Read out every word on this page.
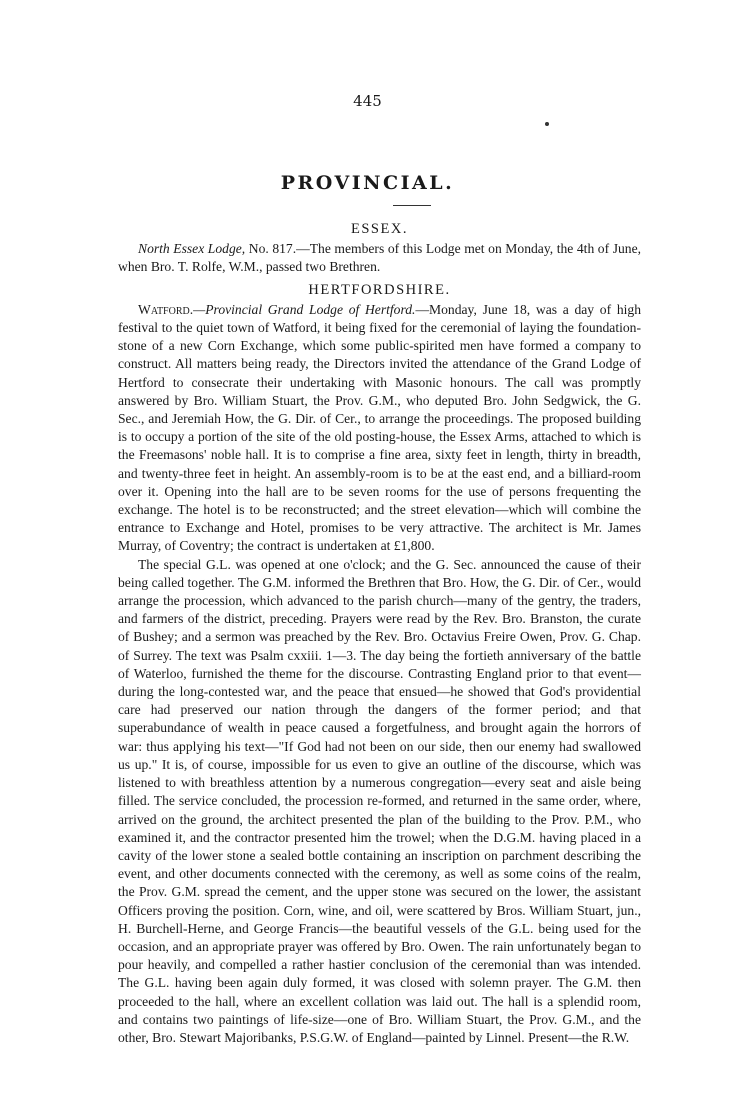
445
PROVINCIAL.
ESSEX.

North Essex Lodge, No. 817.—The members of this Lodge met on Monday, the 4th of June, when Bro. T. Rolfe, W.M., passed two Brethren.

HERTFORDSHIRE.

Watford.—Provincial Grand Lodge of Hertford.—Monday, June 18, was a day of high festival to the quiet town of Watford, it being fixed for the ceremonial of laying the foundation-stone of a new Corn Exchange, which some public-spirited men have formed a company to construct. All matters being ready, the Directors invited the attendance of the Grand Lodge of Hertford to consecrate their undertaking with Masonic honours. The call was promptly answered by Bro. William Stuart, the Prov. G.M., who deputed Bro. John Sedgwick, the G. Sec., and Jeremiah How, the G. Dir. of Cer., to arrange the proceedings. The proposed building is to occupy a portion of the site of the old posting-house, the Essex Arms, attached to which is the Freemasons' noble hall. It is to comprise a fine area, sixty feet in length, thirty in breadth, and twenty-three feet in height. An assembly-room is to be at the east end, and a billiard-room over it. Opening into the hall are to be seven rooms for the use of persons frequenting the exchange. The hotel is to be reconstructed; and the street elevation—which will combine the entrance to Exchange and Hotel, promises to be very attractive. The architect is Mr. James Murray, of Coventry; the contract is undertaken at £1,800.

The special G.L. was opened at one o'clock; and the G. Sec. announced the cause of their being called together. The G.M. informed the Brethren that Bro. How, the G. Dir. of Cer., would arrange the procession, which advanced to the parish church—many of the gentry, the traders, and farmers of the district, preceding. Prayers were read by the Rev. Bro. Branston, the curate of Bushey; and a sermon was preached by the Rev. Bro. Octavius Freire Owen, Prov. G. Chap. of Surrey. The text was Psalm cxxiii. 1—3. The day being the fortieth anniversary of the battle of Waterloo, furnished the theme for the discourse. Contrasting England prior to that event—during the long-contested war, and the peace that ensued—he showed that God's providential care had preserved our nation through the dangers of the former period; and that superabundance of wealth in peace caused a forgetfulness, and brought again the horrors of war: thus applying his text—"If God had not been on our side, then our enemy had swallowed us up." It is, of course, impossible for us even to give an outline of the discourse, which was listened to with breathless attention by a numerous congregation—every seat and aisle being filled. The service concluded, the procession re-formed, and returned in the same order, where, arrived on the ground, the architect presented the plan of the building to the Prov. P.M., who examined it, and the contractor presented him the trowel; when the D.G.M. having placed in a cavity of the lower stone a sealed bottle containing an inscription on parchment describing the event, and other documents connected with the ceremony, as well as some coins of the realm, the Prov. G.M. spread the cement, and the upper stone was secured on the lower, the assistant Officers proving the position. Corn, wine, and oil, were scattered by Bros. William Stuart, jun., H. Burchell-Herne, and George Francis—the beautiful vessels of the G.L. being used for the occasion, and an appropriate prayer was offered by Bro. Owen. The rain unfortunately began to pour heavily, and compelled a rather hastier conclusion of the ceremonial than was intended. The G.L. having been again duly formed, it was closed with solemn prayer. The G.M. then proceeded to the hall, where an excellent collation was laid out. The hall is a splendid room, and contains two paintings of life-size—one of Bro. William Stuart, the Prov. G.M., and the other, Bro. Stewart Majoribanks, P.S.G.W. of England—painted by Linnel. Present—the R.W.
